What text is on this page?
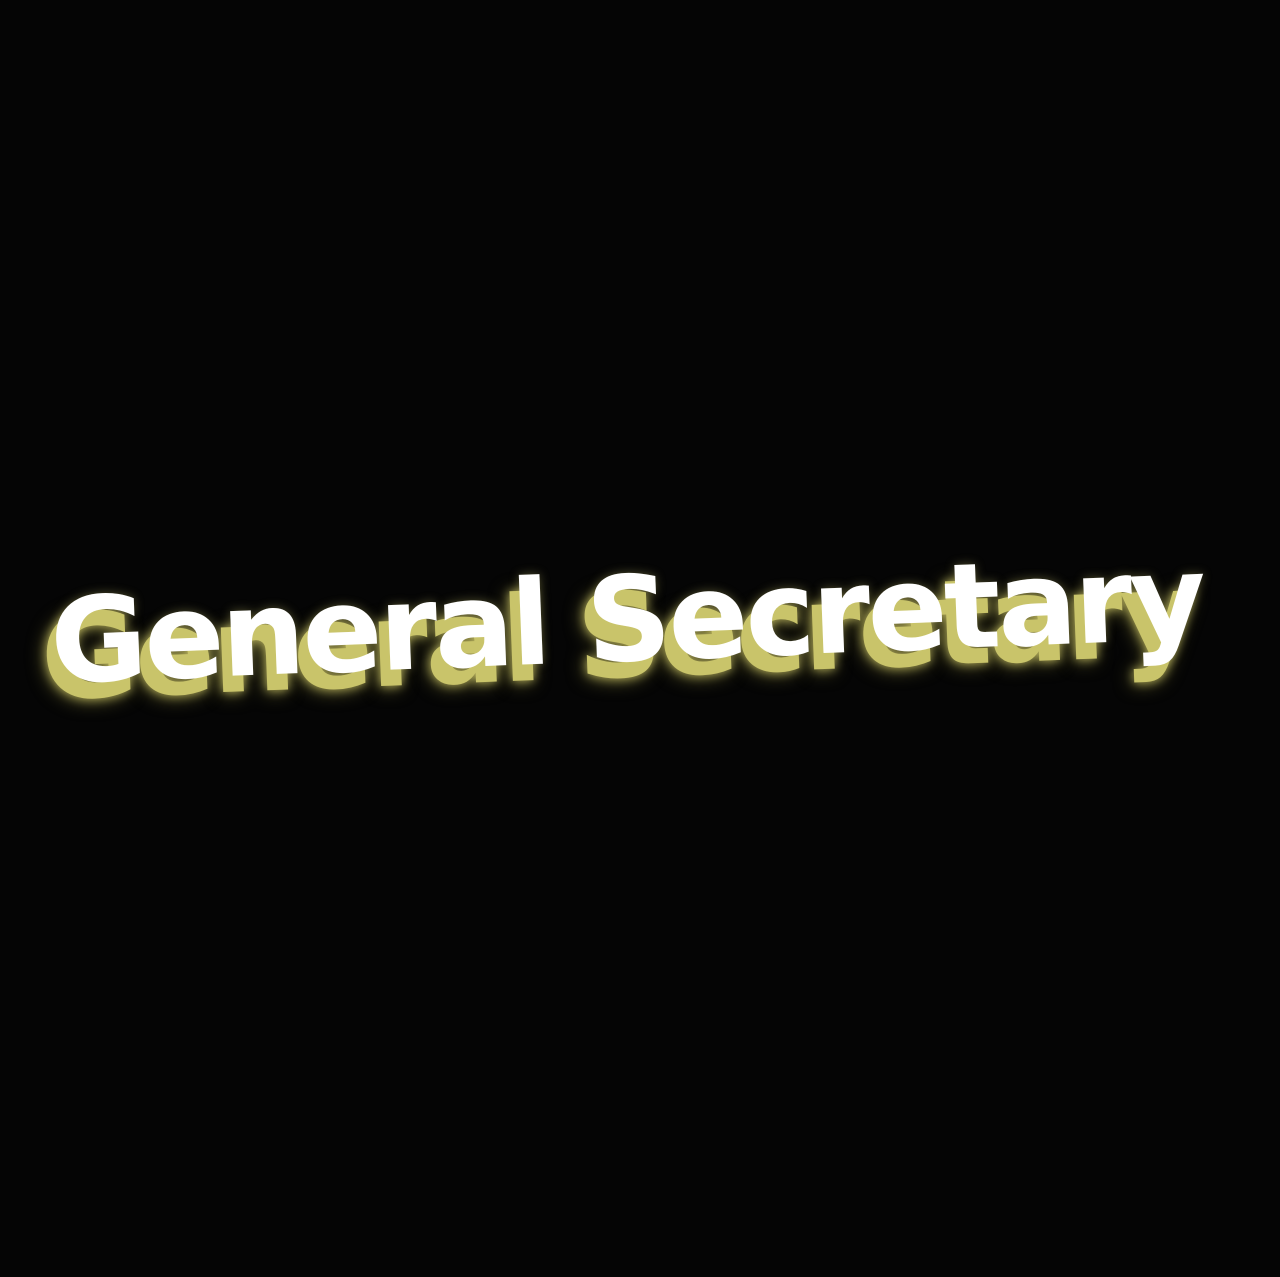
General Secretary
